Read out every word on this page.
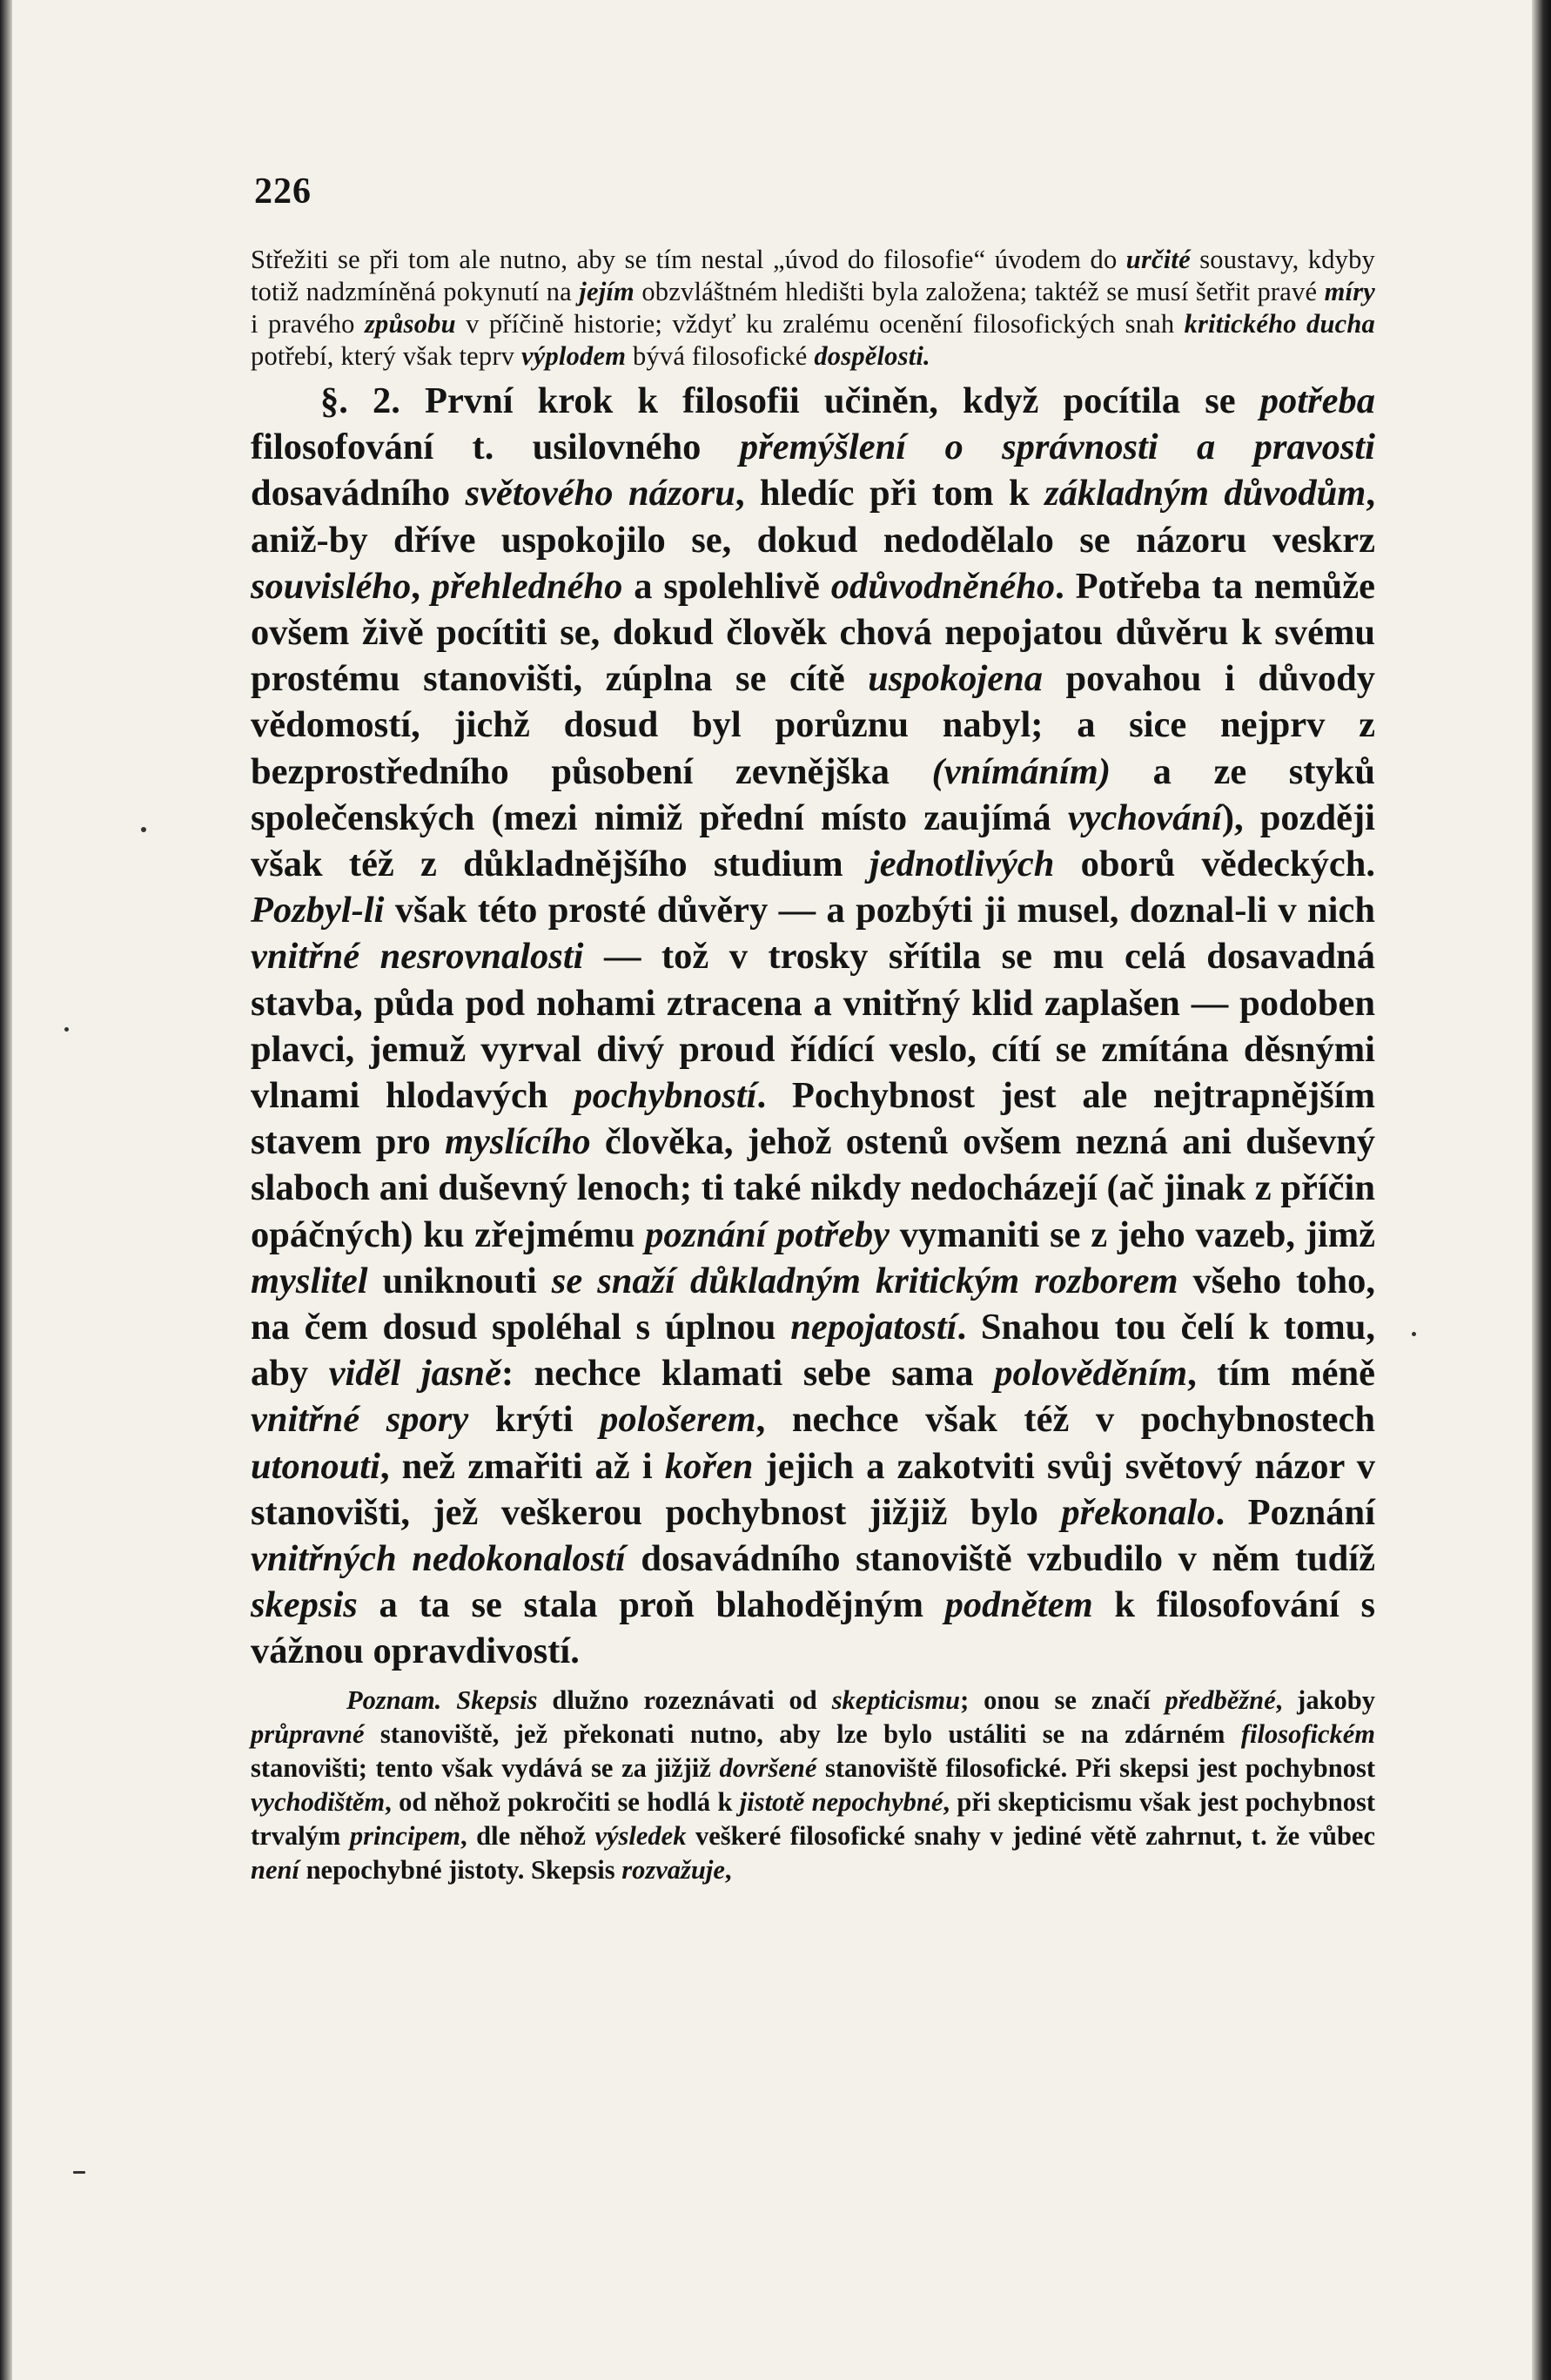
226

Střežiti se při tom ale nutno, aby se tím nestal „úvod do filosofie“ úvodem do určité soustavy, kdyby totiž nadzmíněná pokynutí na jejím obzvláštném hledišti byla založena; taktéž se musí šetřit pravé míry i pravého způsobu v příčině historie; vždyť ku zralému ocenění filosofických snah kritického ducha potřebí, který však teprv výplodem bývá filosofické dospělosti.

§. 2. První krok k filosofii učiněn, když pocítila se potřeba filosofování t. usilovného přemýšlení o správnosti a pravosti dosavádního světového názoru, hledíc při tom k základným důvodům, aniž-by dříve uspokojilo se, dokud nedodělalo se názoru veskrz souvislého, přehledného a spolehlivě odůvodněného. Potřeba ta nemůže ovšem živě pocítiti se, dokud člověk chová nepojatou důvěru k svému prostému stanovišti, zúplna se cítě uspokojena povahou i důvody vědomostí, jichž dosud byl porůznu nabyl; a sice nejprv z bezprostředního působení zevnějška (vnímáním) a ze styků společenských (mezi nimiž přední místo zaujímá vychování), později však též z důkladnějšího studium jednotlivých oborů vědeckých. Pozbyl-li však této prosté důvěry — a pozbýti ji musel, doznal-li v nich vnitřné nesrovnalosti — tož v trosky sřítila se mu celá dosavadná stavba, půda pod nohami ztracena a vnitřný klid zaplašen — podoben plavci, jemuž vyrval divý proud řídící veslo, cítí se zmítána děsnými vlnami hlodavých pochybností. Pochybnost jest ale nejtrapnějším stavem pro myslícího člověka, jehož ostenů ovšem nezná ani duševný slaboch ani duševný lenoch; ti také nikdy nedocházejí (ač jinak z příčin opáčných) ku zřejmému poznání potřeby vymaniti se z jeho vazeb, jimž myslitel uniknouti se snaží důkladným kritickým rozborem všeho toho, na čem dosud spoléhal s úplnou nepojatostí. Snahou tou čelí k tomu, aby viděl jasně: nechce klamati sebe sama polověděním, tím méně vnitřné spory krýti pološerem, nechce však též v pochybnostech utonouti, než zmařiti až i kořen jejich a zakotviti svůj světový názor v stanovišti, jež veškerou pochybnost jižjiž bylo překonalo. Poznání vnitřných nedokonalostí dosavádního stanoviště vzbudilo v něm tudíž skepsis a ta se stala proň blahodějným podnětem k filosofování s vážnou opravdivostí.

Poznam. Skepsis dlužno rozeznávati od skepticismu; onou se značí předběžné, jakoby průpravné stanoviště, jež překonati nutno, aby lze bylo ustáliti se na zdárném filosofickém stanovišti; tento však vydává se za jižjiž dovršené stanoviště filosofické. Při skepsi jest pochybnost vychodištěm, od něhož pokročiti se hodlá k jistotě nepochybné, při skepticismu však jest pochybnost trvalým principem, dle něhož výsledek veškeré filosofické snahy v jediné větě zahrnut, t. že vůbec není nepochybné jistoty. Skepsis rozvažuje,
